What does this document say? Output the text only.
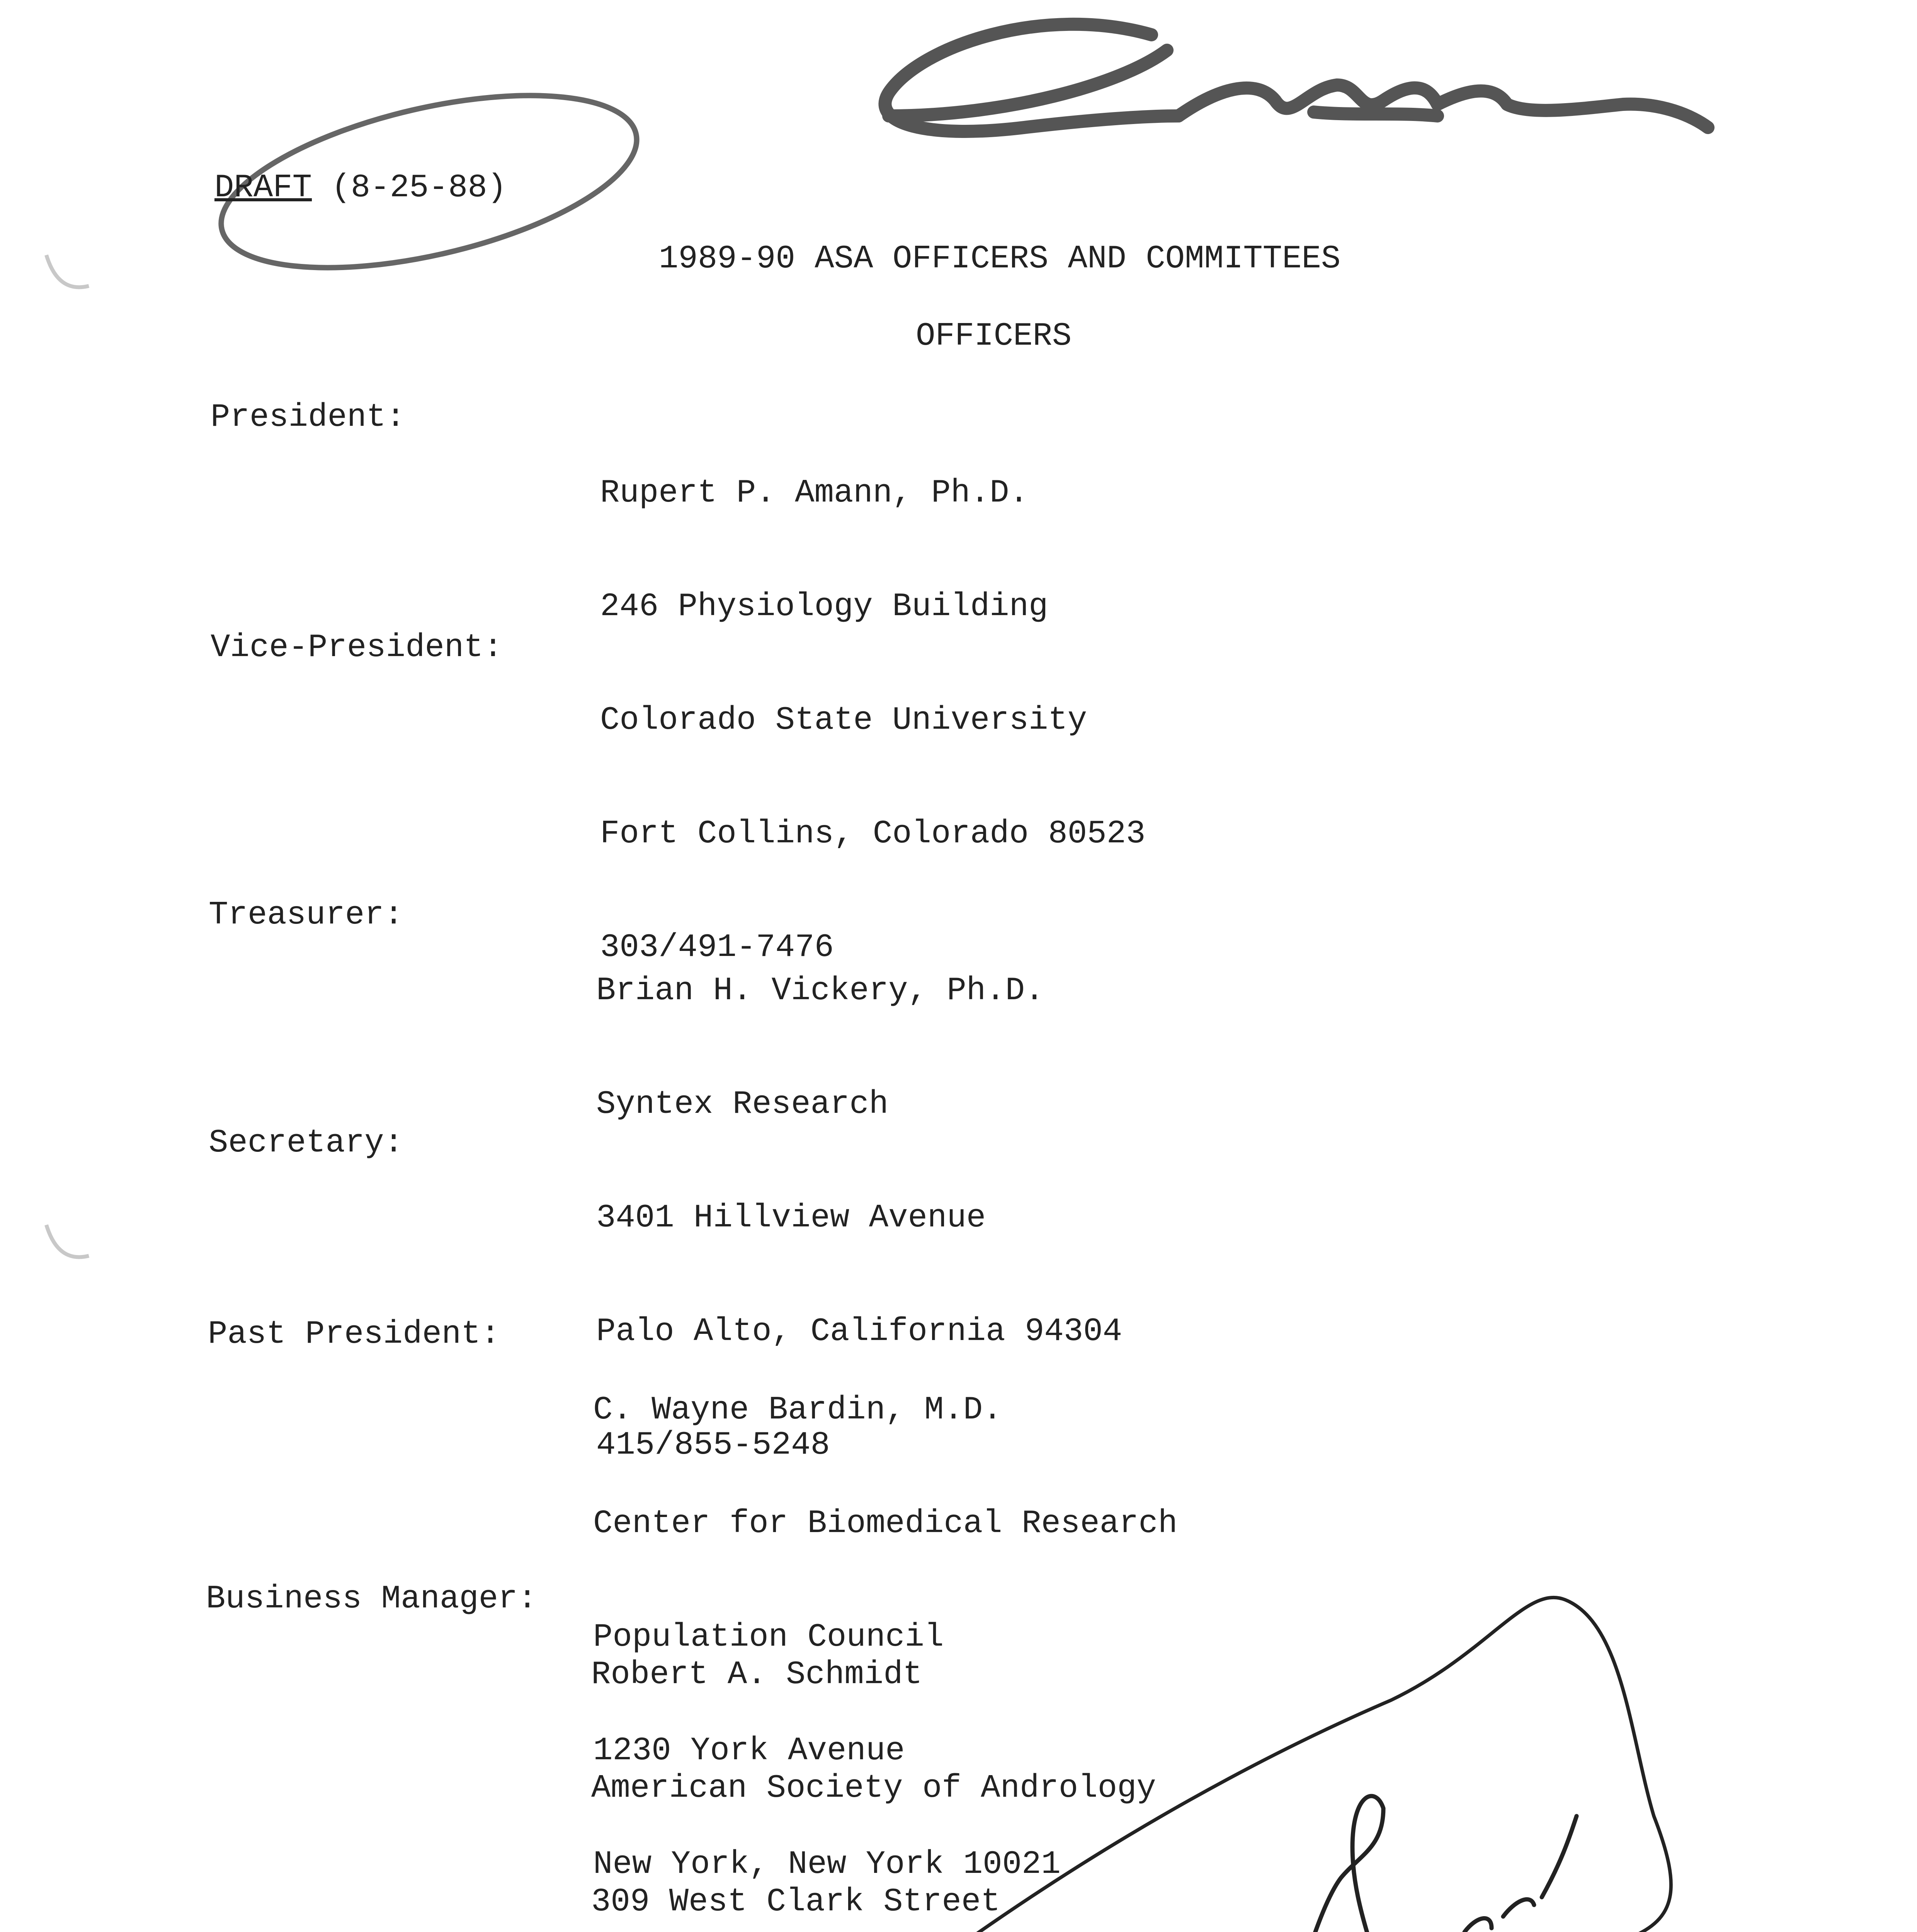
DRAFT (8-25-88)
1989-90 ASA OFFICERS AND COMMITTEES
OFFICERS
President:

Rupert P. Amann, Ph.D.

246 Physiology Building

Colorado State University

Fort Collins, Colorado 80523

303/491-7476

Vice-President:
Treasurer:

Brian H. Vickery, Ph.D.

Syntex Research

3401 Hillview Avenue

Palo Alto, California 94304

415/855-5248

Secretary:
Past President:

C. Wayne Bardin, M.D.

Center for Biomedical Research

Population Council

1230 York Avenue

New York, New York 10021

Business Manager:

Robert A. Schmidt

American Society of Andrology

309 West Clark Street
